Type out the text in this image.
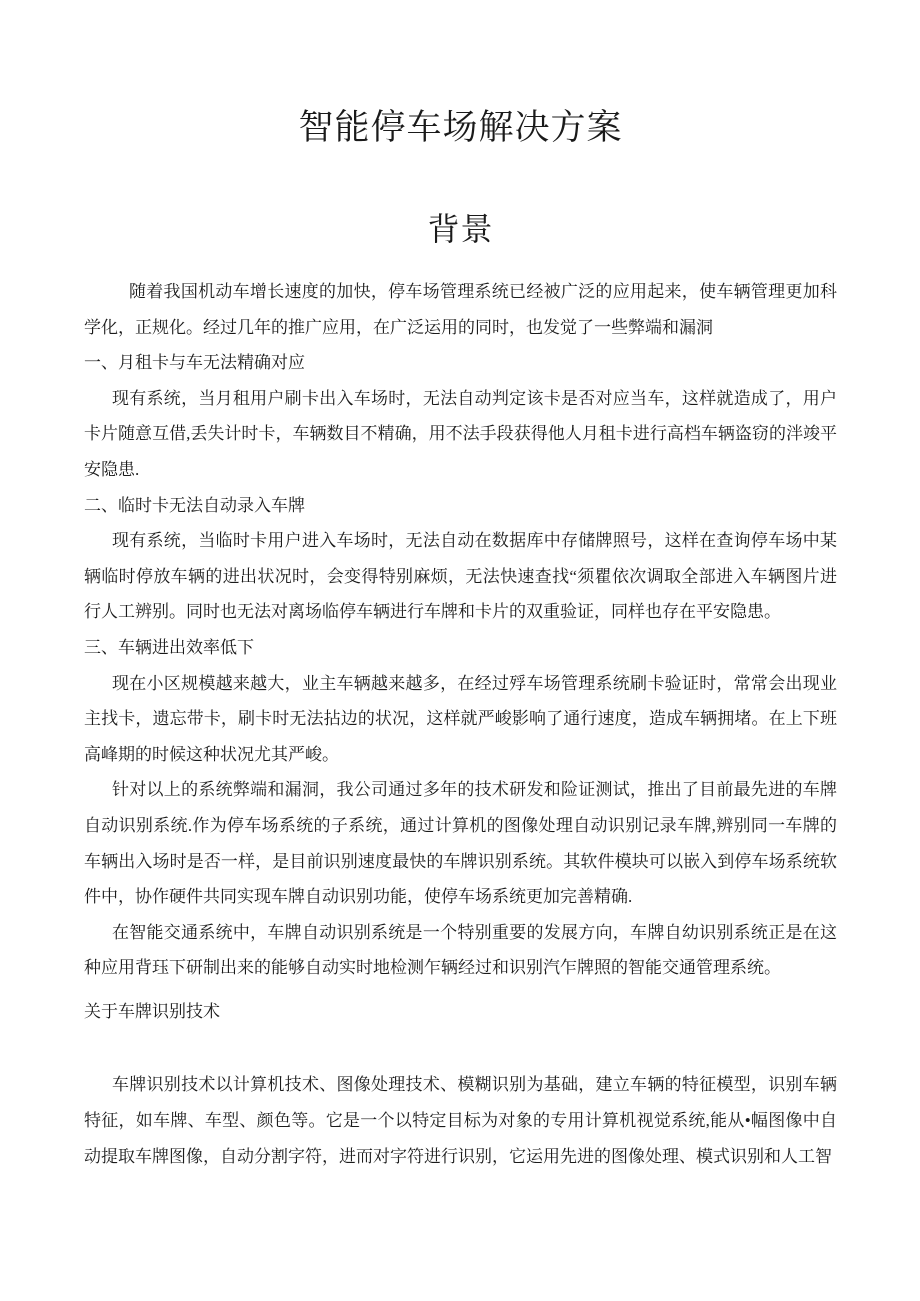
智能停车场解决方案
背景

随着我国机动车增长速度的加快，停车场管理系统已经被广泛的应用起来，使车辆管理更加科学化，正规化。经过几年的推广应用，在广泛运用的同时，也发觉了一些弊端和漏洞

一、月租卡与车无法精确对应

现有系统，当月租用户刷卡出入车场时，无法自动判定该卡是否对应当车，这样就造成了，用户卡片随意互借,丢失计时卡，车辆数目不精确，用不法手段获得他人月租卡进行高档车辆盗窃的泮竣平安隐患.

二、临时卡无法自动录入车牌

现有系统，当临时卡用户进入车场时，无法自动在数据库中存储牌照号，这样在查询停车场中某辆临时停放车辆的进出状况时，会变得特别麻烦，无法快速查找“须瞿依次调取全部进入车辆图片进行人工辨别。同时也无法对离场临停车辆进行车牌和卡片的双重验证，同样也存在平安隐患。

三、车辆进出效率低下

现在小区规模越来越大，业主车辆越来越多，在经过殍车场管理系统刷卡验证时，常常会出现业主找卡，遗忘带卡，刷卡时无法拈边的状况，这样就严峻影响了通行速度，造成车辆拥堵。在上下班高峰期的时候这种状况尤其严峻。

针对以上的系统弊端和漏洞，我公司通过多年的技术研发和险证测试，推出了目前最先进的车牌自动识别系统.作为停车场系统的子系统，通过计算机的图像处理自动识别记录车牌,辨别同一车牌的车辆出入场时是否一样，是目前识别速度最快的车牌识别系统。其软件模块可以嵌入到停车场系统软件中，协作硬件共同实现车牌自动识别功能，使停车场系统更加完善精确.

在智能交通系统中，车牌自动识别系统是一个特别重要的发展方向，车牌自幼识别系统正是在这种应用背珏下研制出来的能够自动实时地检测乍辆经过和识别汽乍牌照的智能交通管理系统。

关于车牌识别技术

车牌识别技术以计算机技术、图像处理技术、模糊识别为基础，建立车辆的特征模型，识别车辆特征，如车牌、车型、颜色等。它是一个以特定目标为对象的专用计算机视觉系统,能从•幅图像中自动提取车牌图像，自动分割字符，进而对字符进行识别，它运用先进的图像处理、模式识别和人工智
